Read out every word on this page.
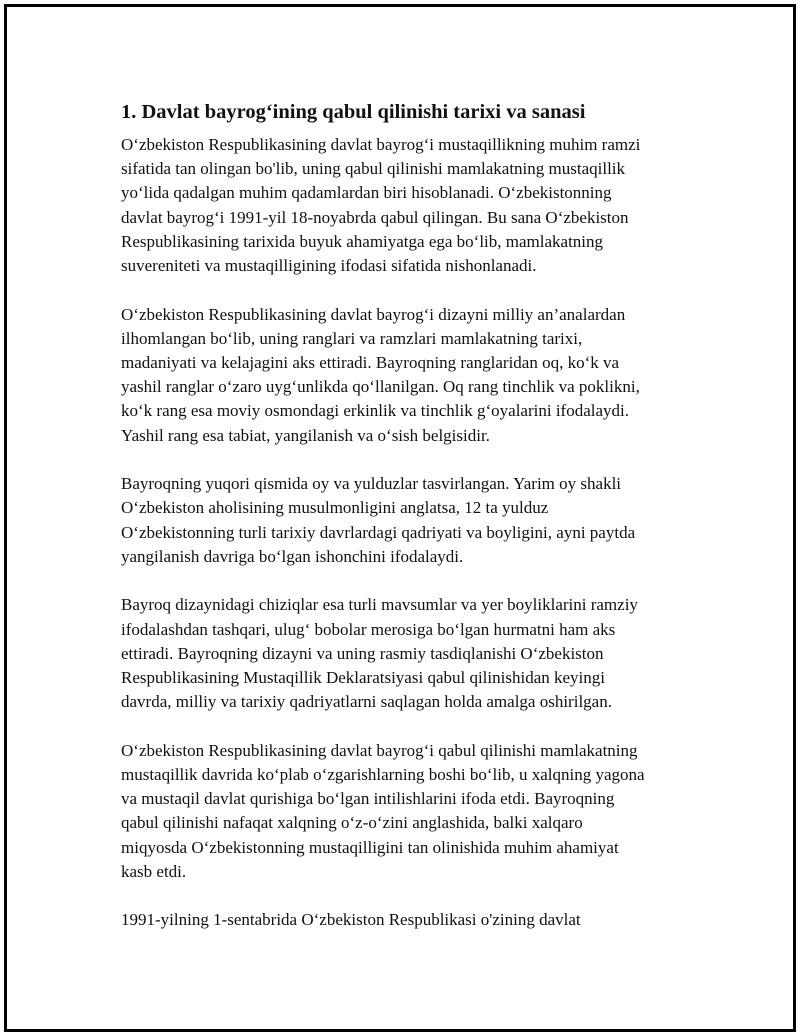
1. Davlat bayrog‘ining qabul qilinishi tarixi va sanasi

O‘zbekiston Respublikasining davlat bayrog‘i mustaqillikning muhim ramzi
sifatida tan olingan bo'lib, uning qabul qilinishi mamlakatning mustaqillik
yo‘lida qadalgan muhim qadamlardan biri hisoblanadi. O‘zbekistonning
davlat bayrog‘i 1991-yil 18-noyabrda qabul qilingan. Bu sana O‘zbekiston
Respublikasining tarixida buyuk ahamiyatga ega bo‘lib, mamlakatning
suvereniteti va mustaqilligining ifodasi sifatida nishonlanadi.

O‘zbekiston Respublikasining davlat bayrog‘i dizayni milliy an’analardan
ilhomlangan bo‘lib, uning ranglari va ramzlari mamlakatning tarixi,
madaniyati va kelajagini aks ettiradi. Bayroqning ranglaridan oq, ko‘k va
yashil ranglar o‘zaro uyg‘unlikda qo‘llanilgan. Oq rang tinchlik va poklikni,
ko‘k rang esa moviy osmondagi erkinlik va tinchlik g‘oyalarini ifodalaydi.
Yashil rang esa tabiat, yangilanish va o‘sish belgisidir.

Bayroqning yuqori qismida oy va yulduzlar tasvirlangan. Yarim oy shakli
O‘zbekiston aholisining musulmonligini anglatsa, 12 ta yulduz
O‘zbekistonning turli tarixiy davrlardagi qadriyati va boyligini, ayni paytda
yangilanish davriga bo‘lgan ishonchini ifodalaydi.

Bayroq dizaynidagi chiziqlar esa turli mavsumlar va yer boyliklarini ramziy
ifodalashdan tashqari, ulug‘ bobolar merosiga bo‘lgan hurmatni ham aks
ettiradi. Bayroqning dizayni va uning rasmiy tasdiqlanishi O‘zbekiston
Respublikasining Mustaqillik Deklaratsiyasi qabul qilinishidan keyingi
davrda, milliy va tarixiy qadriyatlarni saqlagan holda amalga oshirilgan.

O‘zbekiston Respublikasining davlat bayrog‘i qabul qilinishi mamlakatning
mustaqillik davrida ko‘plab o‘zgarishlarning boshi bo‘lib, u xalqning yagona
va mustaqil davlat qurishiga bo‘lgan intilishlarini ifoda etdi. Bayroqning
qabul qilinishi nafaqat xalqning o‘z-o‘zini anglashida, balki xalqaro
miqyosda O‘zbekistonning mustaqilligini tan olinishida muhim ahamiyat
kasb etdi.

1991-yilning 1-sentabrida O‘zbekiston Respublikasi o'zining davlat
